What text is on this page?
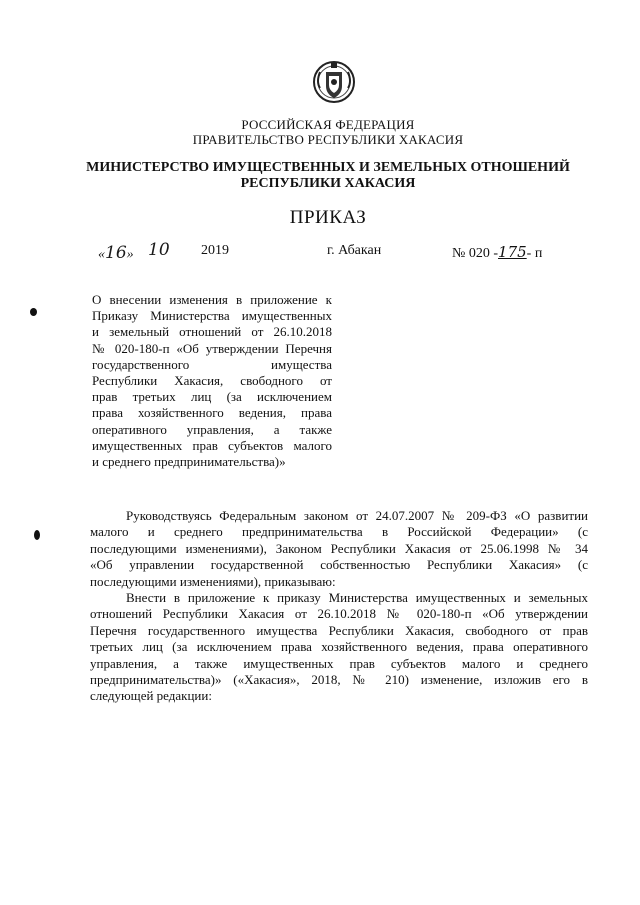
РОССИЙСКАЯ ФЕДЕРАЦИЯ
ПРАВИТЕЛЬСТВО РЕСПУБЛИКИ ХАКАСИЯ
МИНИСТЕРСТВО ИМУЩЕСТВЕННЫХ И ЗЕМЕЛЬНЫХ ОТНОШЕНИЙ
РЕСПУБЛИКИ ХАКАСИЯ
ПРИКАЗ
«16» 10 2019	г. Абакан	№ 020 -175- п
О внесении изменения в приложение к
Приказу Министерства имущественных
и земельный отношений от 26.10.2018
№ 020-180-п «Об утверждении Перечня
государственного имущества
Республики Хакасия, свободного от
прав третьих лиц (за исключением
права хозяйственного ведения, права
оперативного управления, а также
имущественных прав субъектов малого
и среднего предпринимательства)»
Руководствуясь Федеральным законом от 24.07.2007 № 209-ФЗ «О развитии
малого и среднего предпринимательства в Российской Федерации» (с
последующими изменениями), Законом Республики Хакасия от 25.06.1998 № 34
«Об управлении государственной собственностью Республики Хакасия» (с
последующими изменениями), приказываю:
Внести в приложение к приказу Министерства имущественных и земельных
отношений Республики Хакасия от 26.10.2018 № 020-180-п «Об утверждении
Перечня государственного имущества Республики Хакасия, свободного от прав
третьих лиц (за исключением права хозяйственного ведения, права оперативного
управления, а также имущественных прав субъектов малого и среднего
предпринимательства)» («Хакасия», 2018, № 210) изменение, изложив его в
следующей редакции:
